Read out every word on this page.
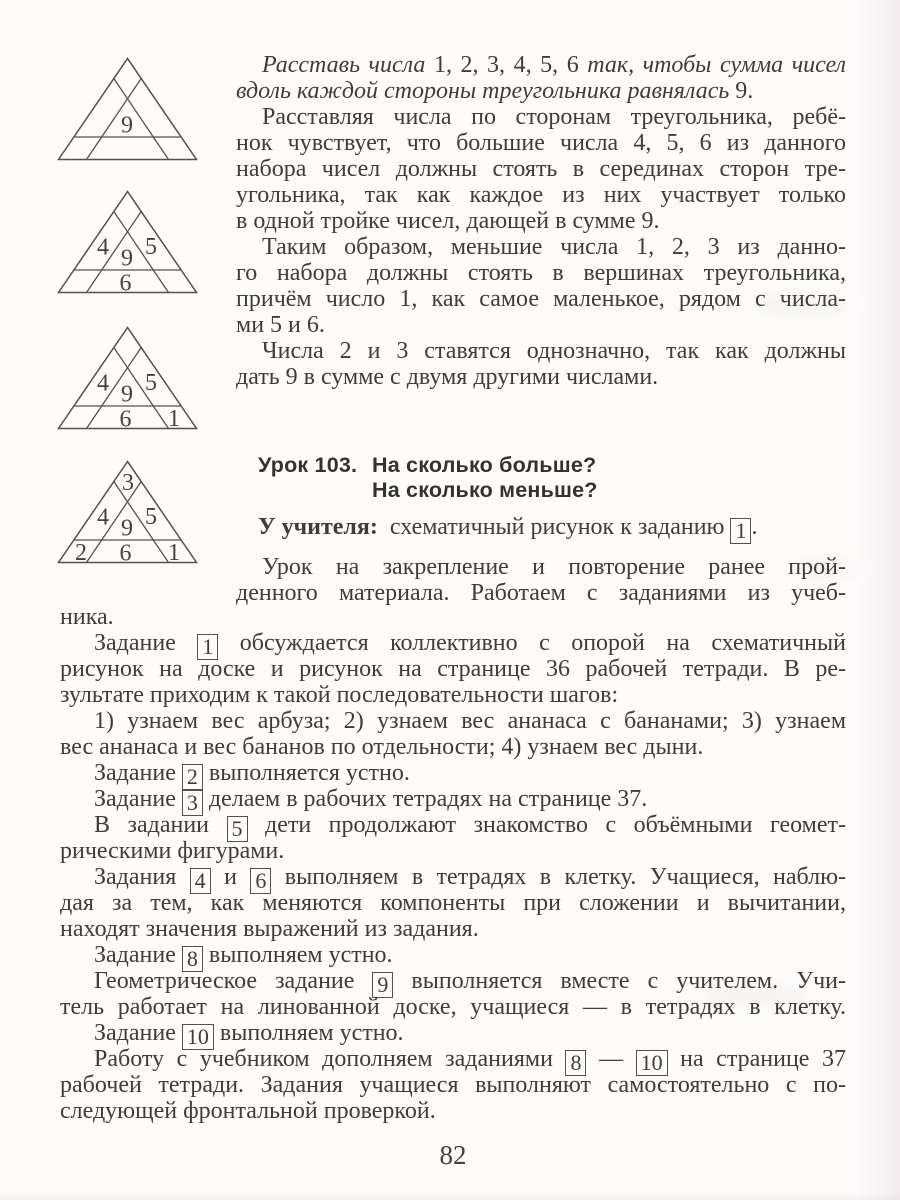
9
4 9 5
6
4 9 5
6 1
3
4 9 5
2 6 1
Расставь числа 1, 2, 3, 4, 5, 6 так, чтобы сумма чисел
вдоль каждой стороны треугольника равнялась 9.
Расставляя числа по сторонам треугольника, ребё-
нок чувствует, что большие числа 4, 5, 6 из данного
набора чисел должны стоять в серединах сторон тре-
угольника, так как каждое из них участвует только
в одной тройке чисел, дающей в сумме 9.
Таким образом, меньшие числа 1, 2, 3 из данно-
го набора должны стоять в вершинах треугольника,
причём число 1, как самое маленькое, рядом с числа-
ми 5 и 6.
Числа 2 и 3 ставятся однозначно, так как должны
дать 9 в сумме с двумя другими числами.
Урок 103. На сколько больше?
На сколько меньше?
У учителя:  схематичный рисунок к заданию 1 .
Урок на закрепление и повторение ранее прой-
денного материала. Работаем с заданиями из учеб-
ника.
Задание 1 обсуждается коллективно с опорой на схематичный
рисунок на доске и рисунок на странице 36 рабочей тетради. В ре-
зультате приходим к такой последовательности шагов:
1) узнаем вес арбуза; 2) узнаем вес ананаса с бананами; 3) узнаем
вес ананаса и вес бананов по отдельности; 4) узнаем вес дыни.
Задание 2 выполняется устно.
Задание 3 делаем в рабочих тетрадях на странице 37.
В задании 5 дети продолжают знакомство с объёмными геомет-
рическими фигурами.
Задания 4 и 6 выполняем в тетрадях в клетку. Учащиеся, наблю-
дая за тем, как меняются компоненты при сложении и вычитании,
находят значения выражений из задания.
Задание 8 выполняем устно.
Геометрическое задание 9 выполняется вместе с учителем. Учи-
тель работает на линованной доске, учащиеся — в тетрадях в клетку.
Задание 10 выполняем устно.
Работу с учебником дополняем заданиями 8 — 10 на странице 37
рабочей тетради. Задания учащиеся выполняют самостоятельно с по-
следующей фронтальной проверкой.
82
